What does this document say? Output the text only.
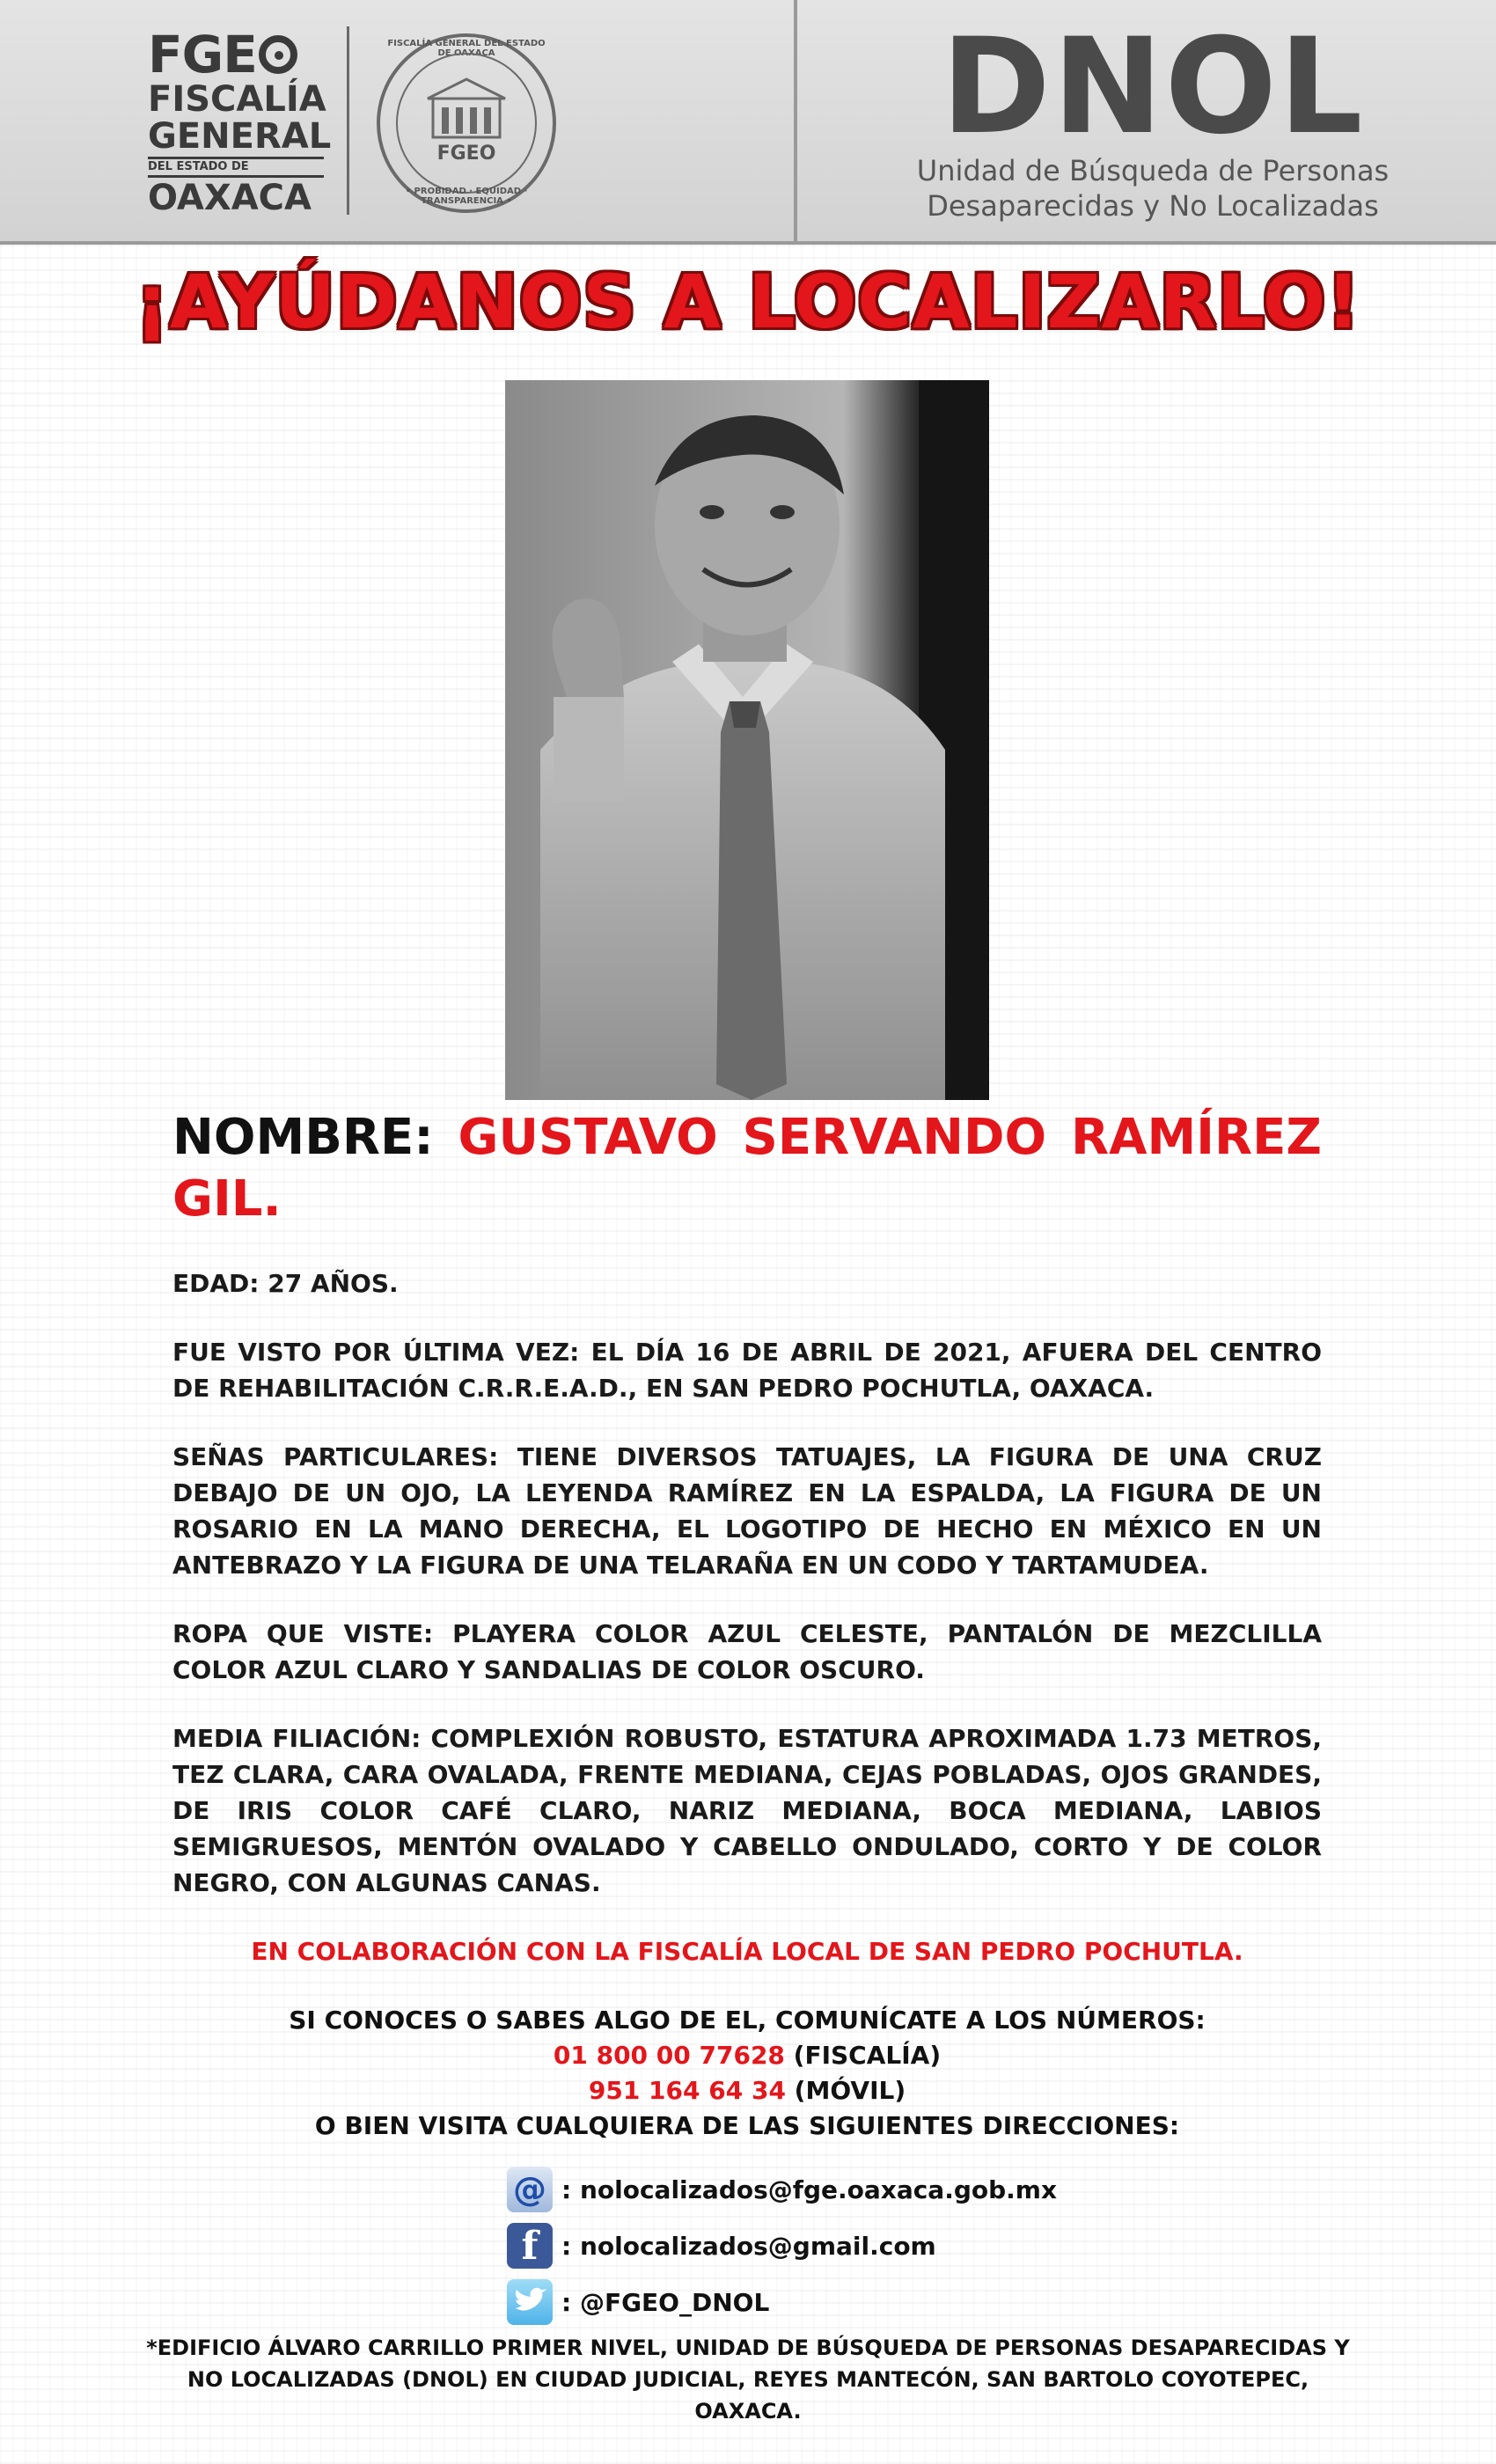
FGE
FISCALÍA
GENERAL
DEL ESTADO DE
OAXACA
FISCALÍA GENERAL DEL ESTADO DE OAXACA
FGEO
• PROBIDAD · EQUIDAD · TRANSPARENCIA •
DNOL
Unidad de Búsqueda de Personas
Desaparecidas y No Localizadas
¡AYÚDANOS A LOCALIZARLO!
NOMBRE: GUSTAVO SERVANDO RAMÍREZ GIL.

EDAD: 27 AÑOS.

FUE VISTO POR ÚLTIMA VEZ: EL DÍA 16 DE ABRIL DE 2021, AFUERA DEL CENTRO DE REHABILITACIÓN C.R.R.E.A.D., EN SAN PEDRO POCHUTLA, OAXACA.

SEÑAS PARTICULARES: TIENE DIVERSOS TATUAJES, LA FIGURA DE UNA CRUZ DEBAJO DE UN OJO, LA LEYENDA RAMÍREZ EN LA ESPALDA, LA FIGURA DE UN ROSARIO EN LA MANO DERECHA, EL LOGOTIPO DE HECHO EN MÉXICO EN UN ANTEBRAZO Y LA FIGURA DE UNA TELARAÑA EN UN CODO Y TARTAMUDEA.

ROPA QUE VISTE: PLAYERA COLOR AZUL CELESTE, PANTALÓN DE MEZCLILLA COLOR AZUL CLARO Y SANDALIAS DE COLOR OSCURO.

MEDIA FILIACIÓN: COMPLEXIÓN ROBUSTO, ESTATURA APROXIMADA 1.73 METROS, TEZ CLARA, CARA OVALADA, FRENTE MEDIANA, CEJAS POBLADAS, OJOS GRANDES, DE IRIS COLOR CAFÉ CLARO, NARIZ MEDIANA, BOCA MEDIANA, LABIOS SEMIGRUESOS, MENTÓN OVALADO Y CABELLO ONDULADO, CORTO Y DE COLOR NEGRO, CON ALGUNAS CANAS.

EN COLABORACIÓN CON LA FISCALÍA LOCAL DE SAN PEDRO POCHUTLA.
SI CONOCES O SABES ALGO DE EL, COMUNÍCATE A LOS NÚMEROS:
01 800 00 77628 (FISCALÍA)
951 164 64 34 (MÓVIL)
O BIEN VISITA CUALQUIERA DE LAS SIGUIENTES DIRECCIONES:
@ : nolocalizados@fge.oaxaca.gob.mx
f : nolocalizados@gmail.com
: @FGEO_DNOL
*EDIFICIO ÁLVARO CARRILLO PRIMER NIVEL, UNIDAD DE BÚSQUEDA DE PERSONAS DESAPARECIDAS Y NO LOCALIZADAS (DNOL) EN CIUDAD JUDICIAL, REYES MANTECÓN, SAN BARTOLO COYOTEPEC, OAXACA.
